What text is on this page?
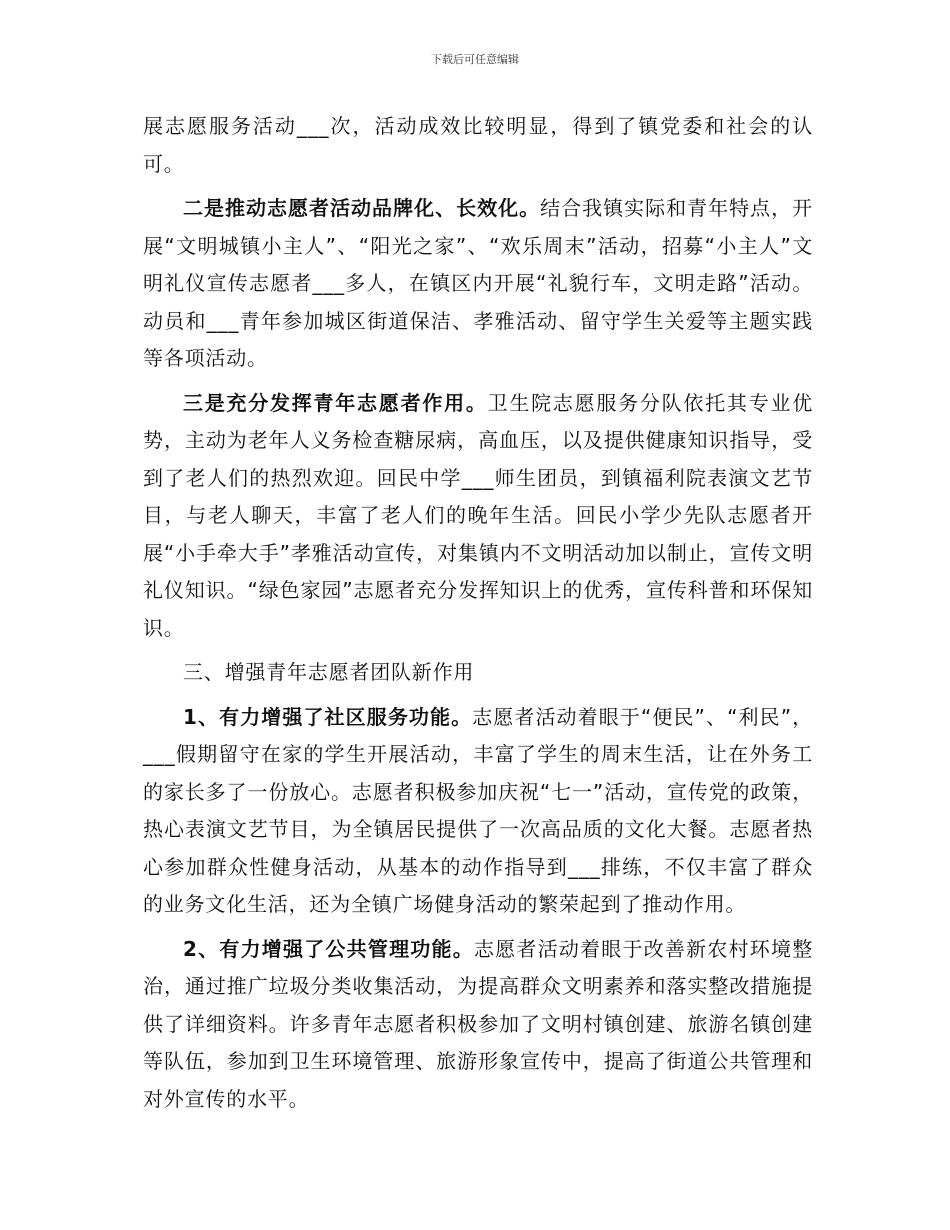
下载后可任意编辑

展志愿服务活动___次，活动成效比较明显，得到了镇党委和社会的认可。

二是推动志愿者活动品牌化、长效化。结合我镇实际和青年特点，开展“文明城镇小主人”、“阳光之家”、“欢乐周末”活动，招募“小主人”文明礼仪宣传志愿者___多人，在镇区内开展“礼貌行车，文明走路”活动。动员和___青年参加城区街道保洁、孝雅活动、留守学生关爱等主题实践等各项活动。

三是充分发挥青年志愿者作用。卫生院志愿服务分队依托其专业优势，主动为老年人义务检查糖尿病，高血压，以及提供健康知识指导，受到了老人们的热烈欢迎。回民中学___师生团员，到镇福利院表演文艺节目，与老人聊天，丰富了老人们的晚年生活。回民小学少先队志愿者开展“小手牵大手”孝雅活动宣传，对集镇内不文明活动加以制止，宣传文明礼仪知识。“绿色家园”志愿者充分发挥知识上的优秀，宣传科普和环保知识。

三、增强青年志愿者团队新作用

1、有力增强了社区服务功能。志愿者活动着眼于“便民”、“利民”，___假期留守在家的学生开展活动，丰富了学生的周末生活，让在外务工的家长多了一份放心。志愿者积极参加庆祝“七一”活动，宣传党的政策，热心表演文艺节目，为全镇居民提供了一次高品质的文化大餐。志愿者热心参加群众性健身活动，从基本的动作指导到___排练，不仅丰富了群众的业务文化生活，还为全镇广场健身活动的繁荣起到了推动作用。

2、有力增强了公共管理功能。志愿者活动着眼于改善新农村环境整治，通过推广垃圾分类收集活动，为提高群众文明素养和落实整改措施提供了详细资料。许多青年志愿者积极参加了文明村镇创建、旅游名镇创建等队伍，参加到卫生环境管理、旅游形象宣传中，提高了街道公共管理和对外宣传的水平。
